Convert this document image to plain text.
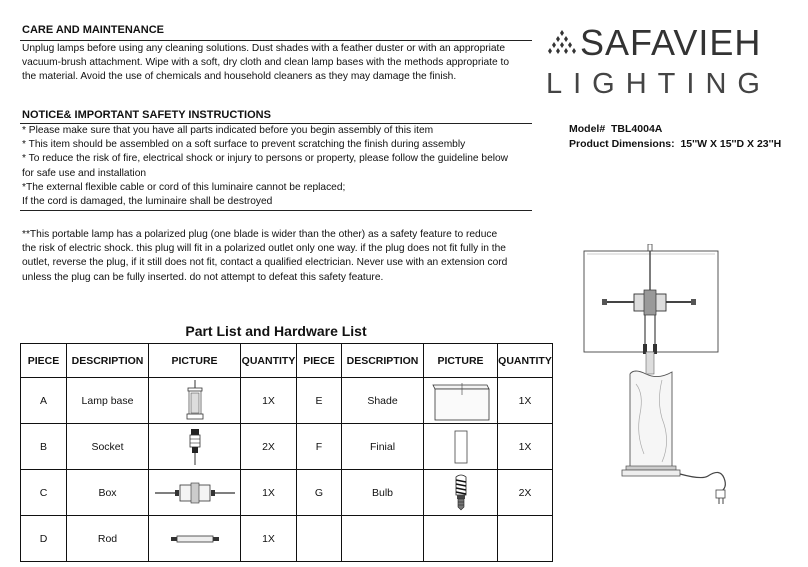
CARE AND MAINTENANCE
Unplug lamps before using any cleaning solutions. Dust shades with a feather duster or with an appropriate
vacuum-brush attachment. Wipe with a soft, dry cloth and clean lamp bases with the methods appropriate to
the material. Avoid the use of chemicals and household cleaners as they may damage the finish.
NOTICE& IMPORTANT SAFETY INSTRUCTIONS
* Please make sure that you have all parts indicated before you begin assembly of this item
* This item should be assembled on a soft surface to prevent scratching the finish during assembly
* To reduce the risk of fire, electrical shock or injury to persons or property, please follow the guideline below
for safe use and installation
*The external flexible cable or cord of this luminaire cannot be replaced;
If the cord is damaged, the luminaire shall be destroyed
**This portable lamp has a polarized plug (one blade is wider than the other) as a safety feature to reduce
the risk of electric shock. this plug will fit in a polarized outlet only one way. if the plug does not fit fully in the
outlet, reverse the plug, if it still does not fit, contact a qualified electrician. Never use with an extension cord
unless the plug can be fully inserted. do not attempt to defeat this safety feature.
Part List and Hardware List
PIECE	DESCRIPTION	PICTURE	QUANTITY	PIECE	DESCRIPTION	PICTURE	QUANTITY
A	Lamp base		1X	E	Shade		1X
B	Socket		2X	F	Finial		1X
C	Box		1X	G	Bulb		2X
D	Rod		1X				
SAFAVIEH
LIGHTING
Model# TBL4004A
Product Dimensions: 15''W X 15''D X 23''H
